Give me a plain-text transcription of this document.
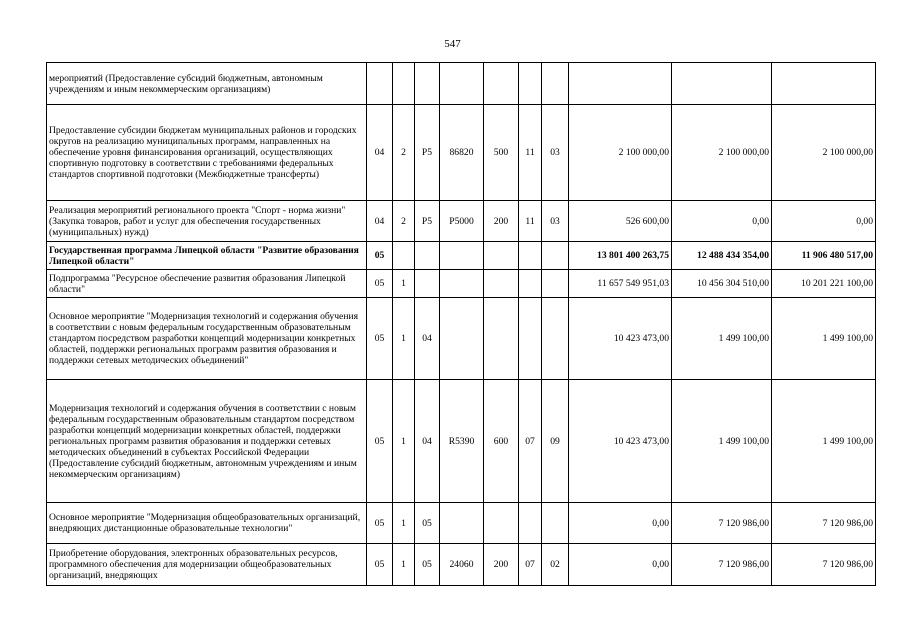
547
мероприятий (Предоставление субсидий бюджетным, автономным учреждениям и иным некоммерческим организациям)										
Предоставление субсидии бюджетам муниципальных районов и городских округов на реализацию муниципальных программ, направленных на обеспечение уровня финансирования организаций, осуществляющих спортивную подготовку в соответствии с требованиями федеральных стандартов спортивной подготовки (Межбюджетные трансферты)	04	2	P5	86820	500	11	03	2 100 000,00	2 100 000,00	2 100 000,00
Реализация мероприятий регионального проекта "Спорт - норма жизни" (Закупка товаров, работ и услуг для обеспечения государственных (муниципальных) нужд)	04	2	P5	P5000	200	11	03	526 600,00	0,00	0,00
Государственная программа Липецкой области "Развитие образования Липецкой области"	05							13 801 400 263,75	12 488 434 354,00	11 906 480 517,00
Подпрограмма "Ресурсное обеспечение развития образования Липецкой области"	05	1						11 657 549 951,03	10 456 304 510,00	10 201 221 100,00
Основное мероприятие "Модернизация технологий и содержания обучения в соответствии с новым федеральным государственным образовательным стандартом посредством разработки концепций модернизации конкретных областей, поддержки региональных программ развития образования и поддержки сетевых методических объединений"	05	1	04					10 423 473,00	1 499 100,00	1 499 100,00
Модернизация технологий и содержания обучения в соответствии с новым федеральным государственным образовательным стандартом посредством разработки концепций модернизации конкретных областей, поддержки региональных программ развития образования и поддержки сетевых методических объединений в субъектах Российской Федерации (Предоставление субсидий бюджетным, автономным учреждениям и иным некоммерческим организациям)	05	1	04	R5390	600	07	09	10 423 473,00	1 499 100,00	1 499 100,00
Основное мероприятие "Модернизация общеобразовательных организаций, внедряющих дистанционные образовательные технологии"	05	1	05					0,00	7 120 986,00	7 120 986,00
Приобретение оборудования, электронных образовательных ресурсов, программного обеспечения для модернизации общеобразовательных организаций, внедряющих	05	1	05	24060	200	07	02	0,00	7 120 986,00	7 120 986,00
